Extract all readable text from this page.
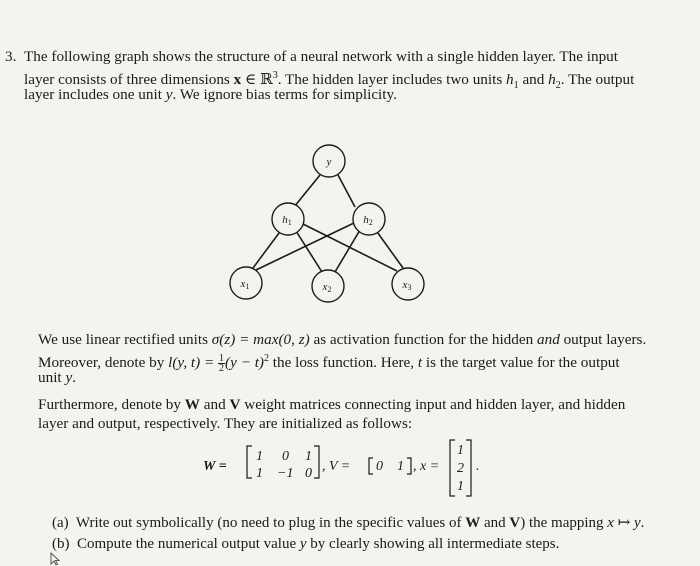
3. The following graph shows the structure of a neural network with a single hidden layer. The input
layer consists of three dimensions x ∈ ℝ$^3$. The hidden layer includes two units $h_1$ and $h_2$. The output
layer includes one unit y. We ignore bias terms for simplicity.
y
h1	h2
x1	x2	x3
We use linear rectified units σ(z) = max(0, z) as activation function for the hidden and output layers.
Moreover, denote by l(y, $t) = \frac{1}{2} (y - t)^2$ the loss function. Here, t is the target value for the output
unit y.
Furthermore, denote by W and V weight matrices connecting input and hidden layer, and hidden
layer and output, respectively. They are initialized as follows:
W =
1 0 1
1 −1 0 , V = 0 1 , x =
1
2
1
.
(a) Write out symbolically (no need to plug in the specific values of W and V) the mapping x ↦ y.
(b) Compute the numerical output value y by clearly showing all intermediate steps.
